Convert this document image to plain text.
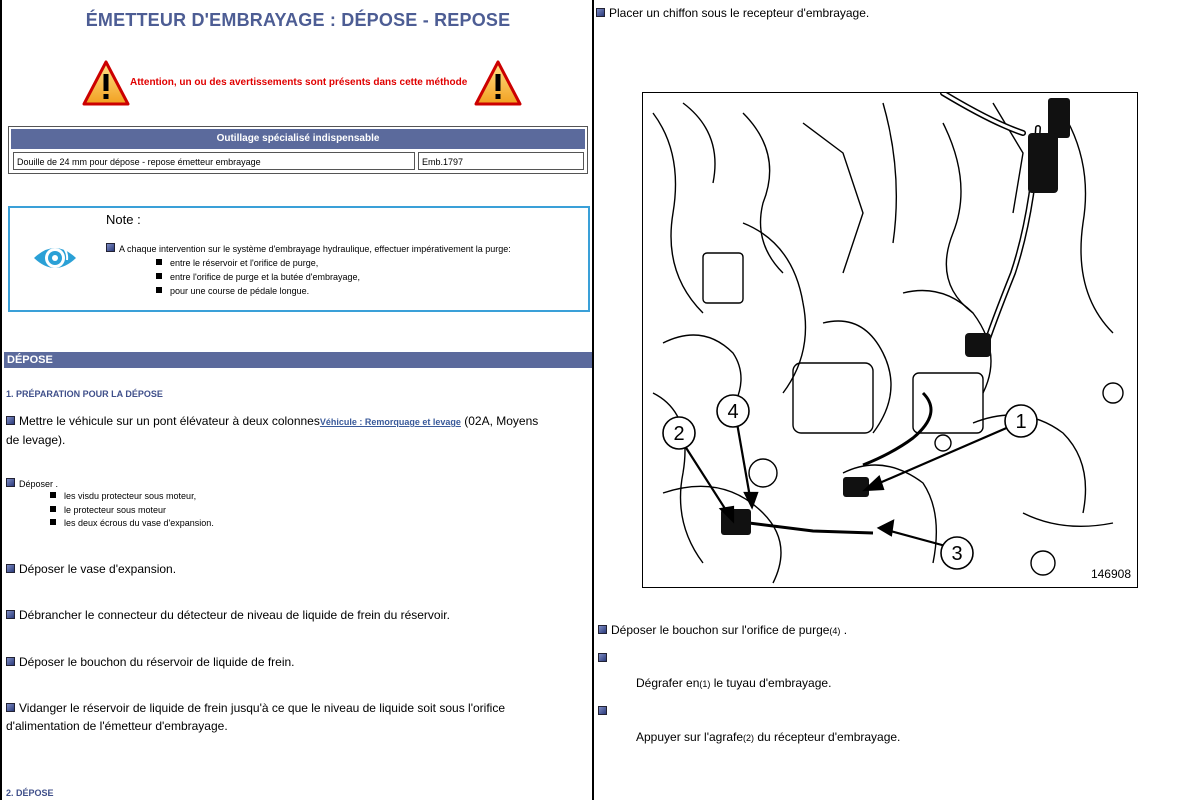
ÉMETTEUR D'EMBRAYAGE : DÉPOSE - REPOSE
Attention, un ou des avertissements sont présents dans cette méthode
Outillage spécialisé indispensable
Douille de 24 mm pour dépose - repose émetteur embrayage	Emb.1797
Note :
A chaque intervention sur le système d'embrayage hydraulique, effectuer impérativement la purge:
entre le réservoir et l'orifice de purge,
entre l'orifice de purge et la butée d'embrayage,
pour une course de pédale longue.
DÉPOSE
1. PRÉPARATION POUR LA DÉPOSE
Mettre le véhicule sur un pont élévateur à deux colonnesVéhicule : Remorquage et levage (02A, Moyens
de levage).
Déposer .
les visdu protecteur sous moteur,
le protecteur sous moteur
les deux écrous du vase d'expansion.
Déposer le vase d'expansion.
Débrancher le connecteur du détecteur de niveau de liquide de frein du réservoir.
Déposer le bouchon du réservoir de liquide de frein.
Vidanger le réservoir de liquide de frein jusqu'à ce que le niveau de liquide soit sous l'orifice
d'alimentation de l'émetteur d'embrayage.
2. DÉPOSE
Placer un chiffon sous le recepteur d'embrayage.
1
2
3
4
146908
Déposer le bouchon sur l'orifice de purge(4) .
Dégrafer en(1) le tuyau d'embrayage.
Appuyer sur l'agrafe(2) du récepteur d'embrayage.
